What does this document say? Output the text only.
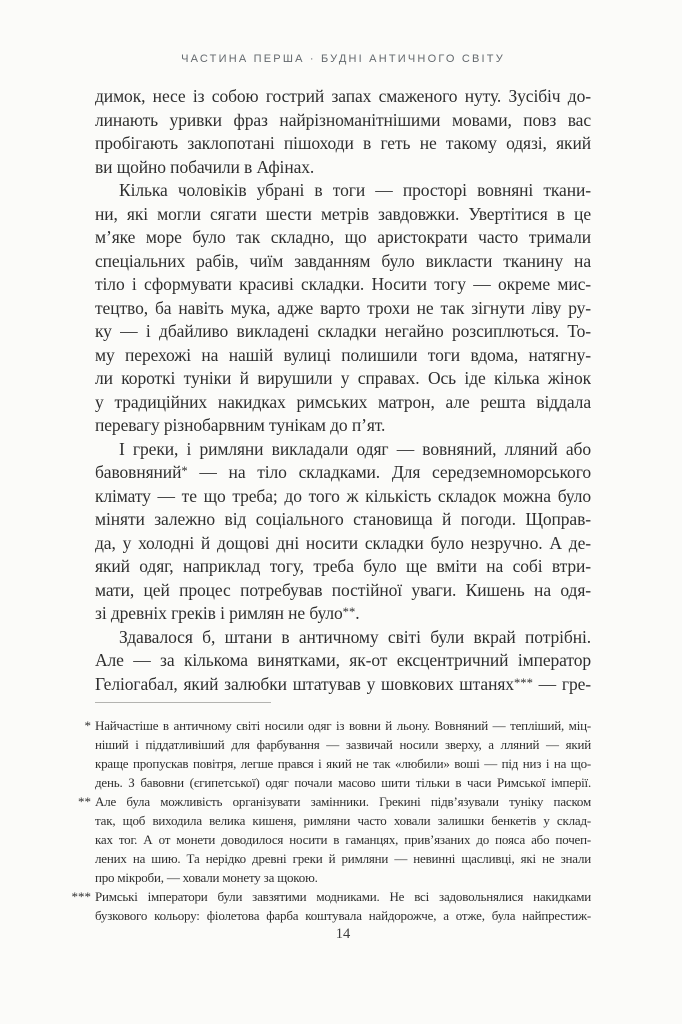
ЧАСТИНА ПЕРША · БУДНІ АНТИЧНОГО СВІТУ
димок, несе із собою гострий запах смаженого нуту. Зусібіч до-
линають уривки фраз найрізноманітнішими мовами, повз вас
пробігають заклопотані пішоходи в геть не такому одязі, який
ви щойно побачили в Афінах.
Кілька чоловіків убрані в тоги — просторі вовняні ткани-
ни, які могли сягати шести метрів завдовжки. Увертітися в це
м’яке море було так складно, що аристократи часто тримали
спеціальних рабів, чиїм завданням було викласти тканину на
тіло і сформувати красиві складки. Носити тогу — окреме мис-
тецтво, ба навіть мука, адже варто трохи не так зігнути ліву ру-
ку — і дбайливо викладені складки негайно розсиплються. То-
му перехожі на нашій вулиці полишили тоги вдома, натягну-
ли короткі туніки й вирушили у справах. Ось іде кілька жінок
у традиційних накидках римських матрон, але решта віддала
перевагу різнобарвним тунікам до п’ят.
І греки, і римляни викладали одяг — вовняний, лляний або
бавовняний* — на тіло складками. Для середземноморського
клімату — те що треба; до того ж кількість складок можна було
міняти залежно від соціального становища й погоди. Щоправ-
да, у холодні й дощові дні носити складки було незручно. А де-
який одяг, наприклад тогу, треба було ще вміти на собі втри-
мати, цей процес потребував постійної уваги. Кишень на одя-
зі древніх греків і римлян не було**.
Здавалося б, штани в античному світі були вкрай потрібні.
Але — за кількома винятками, як-от ексцентричний імператор
Геліогабал, який залюбки штатував у шовкових штанях*** — гре-
* Найчастіше в античному світі носили одяг із вовни й льону. Вовняний — тепліший, міц-
ніший і піддатливіший для фарбування — зазвичай носили зверху, а лляний — який
краще пропускав повітря, легше прався і який не так «любили» воші — під низ і на що-
день. З бавовни (єгипетської) одяг почали масово шити тільки в часи Римської імперії.
** Але була можливість організувати замінники. Грекині підв’язували туніку паском
так, щоб виходила велика кишеня, римляни часто ховали залишки бенкетів у склад-
ках тог. А от монети доводилося носити в гаманцях, прив’язаних до пояса або почеп-
лених на шию. Та нерідко древні греки й римляни — невинні щасливці, які не знали
про мікроби, — ховали монету за щокою.
*** Римські імператори були завзятими модниками. Не всі задовольнялися накидками
бузкового кольору: фіолетова фарба коштувала найдорожче, а отже, була найпрестиж-
14
